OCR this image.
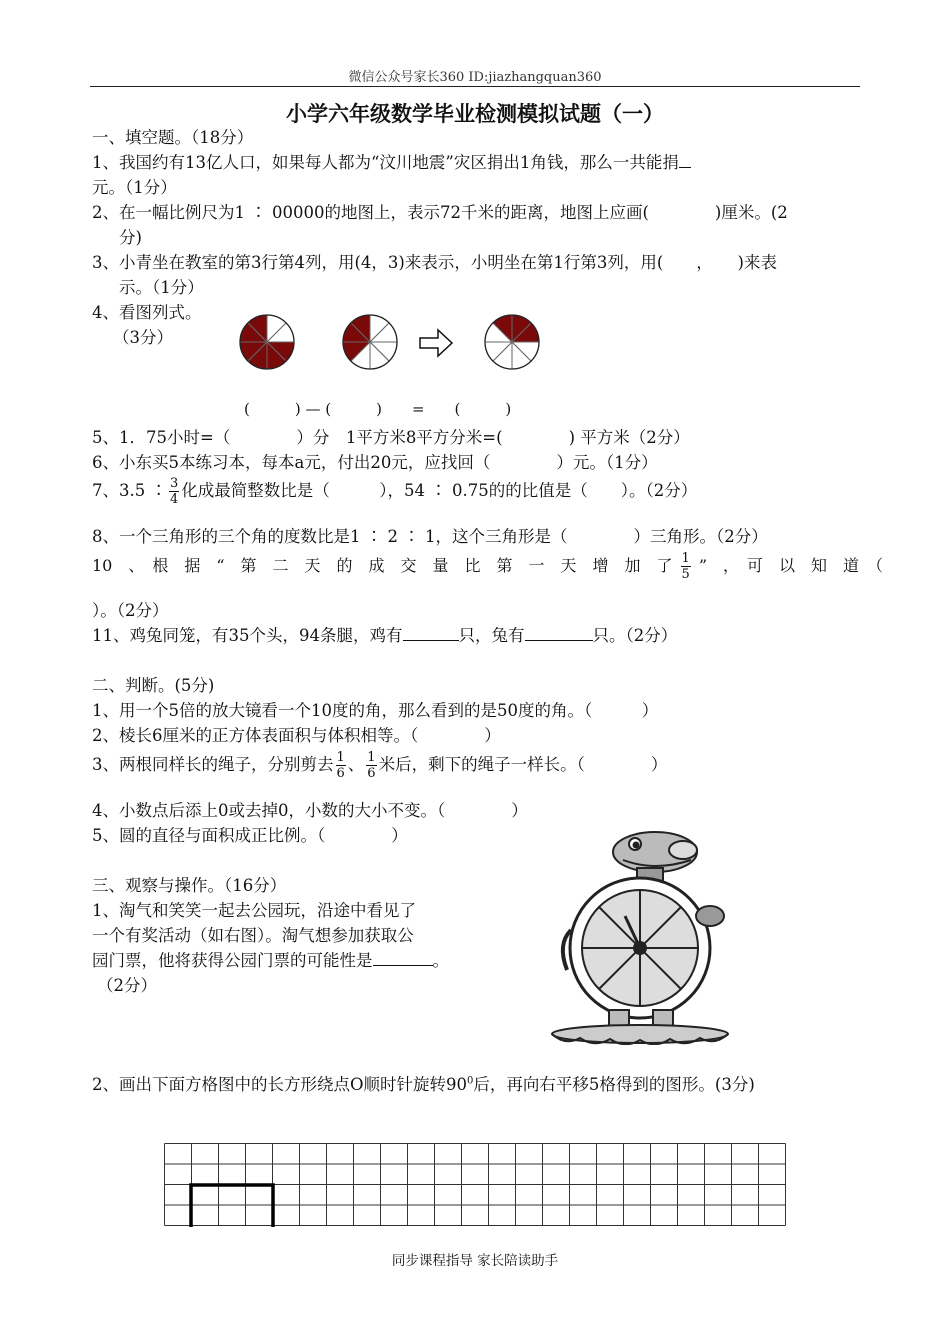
微信公众号家长360 ID:jiazhangquan360
小学六年级数学毕业检测模拟试题（一）
一、填空题。（18分）
1、我国约有13亿人口，如果每人都为“汶川地震”灾区捐出1角钱，那么一共能捐
元。（1分）
2、在一幅比例尺为1 ∶ 00000的地图上，表示72千米的距离，地图上应画(　　　　)厘米。(2
分)
3、小青坐在教室的第3行第4列，用(4，3)来表示，小明坐在第1行第3列，用(　　，　　)来表
示。（1分）
4、看图列式。
（3分）
(　　　) — (　　　)　　=　　(　　　)
5、1．75小时=（　　　　）分　1平方米8平方分米=(　　　　) 平方米（2分）
6、小东买5本练习本，每本a元，付出20元，应找回（　　　　）元。（1分）
7、3.5 ∶ $\frac{3}{4}$ 化成最简整数比是（　　　），54 ∶ 0.75的的比值是（　　）。（2分）
8、一个三角形的三个角的度数比是1 ∶ 2 ∶ 1，这个三角形是（　　　　）三角形。（2分）
10　、　根　据　“　第　二　天　的　成　交　量　比　第　一　天　增　加　了 $\frac{1}{5}$ ”　，　可　以　知　道　（
）。（2分）
11、鸡兔同笼，有35个头，94条腿，鸡有	只，兔有	只。（2分）
二、判断。(5分)
1、用一个5倍的放大镜看一个10度的角，那么看到的是50度的角。（　　　）
2、棱长6厘米的正方体表面积与体积相等。（　　　　）
3、两根同样长的绳子，分别剪去 $\frac{1}{6}$ 、 $\frac{1}{6}$ 米后，剩下的绳子一样长。（　　　　）
4、小数点后添上0或去掉0，小数的大小不变。（　　　　）
5、圆的直径与面积成正比例。（　　　　）
三、观察与操作。（16分）
1、淘气和笑笑一起去公园玩，沿途中看见了
一个有奖活动（如右图）。淘气想参加获取公
园门票，他将获得公园门票的可能性是	。
（2分）
2、画出下面方格图中的长方形绕点O顺时针旋转$90^0$后，再向右平移5格得到的图形。(3分)
同步课程指导 家长陪读助手
